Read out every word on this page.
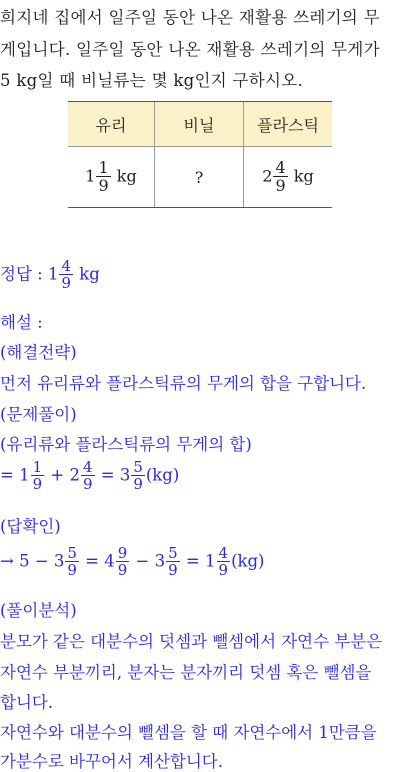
희지네 집에서 일주일 동안 나온 재활용 쓰레기의 무
게입니다. 일주일 동안 나온 재활용 쓰레기의 무게가
5 kg일 때 비닐류는 몇 kg인지 구하시오.
유리	비닐	플라스틱
$1 \frac{1}{9}$ kg	?	$2 \frac{4}{9}$ kg
정답 : $1 \frac{4}{9}$ kg
해설 :
(해결전략)
먼저 유리류와 플라스틱류의 무게의 합을 구합니다.
(문제풀이)
(유리류와 플라스틱류의 무게의 합)
= $1 \frac{1}{9} + 2 \frac{4}{9} = 3 \frac{5}{9} (kg)$
(답확인)
→ $5 - 3 \frac{5}{9} = 4 \frac{9}{9} - 3 \frac{5}{9} = 1 \frac{4}{9} (kg)$
(풀이분석)
분모가 같은 대분수의 덧셈과 뺄셈에서 자연수 부분은
자연수 부분끼리, 분자는 분자끼리 덧셈 혹은 뺄셈을
합니다.
자연수와 대분수의 뺄셈을 할 때 자연수에서 1만큼을
가분수로 바꾸어서 계산합니다.
